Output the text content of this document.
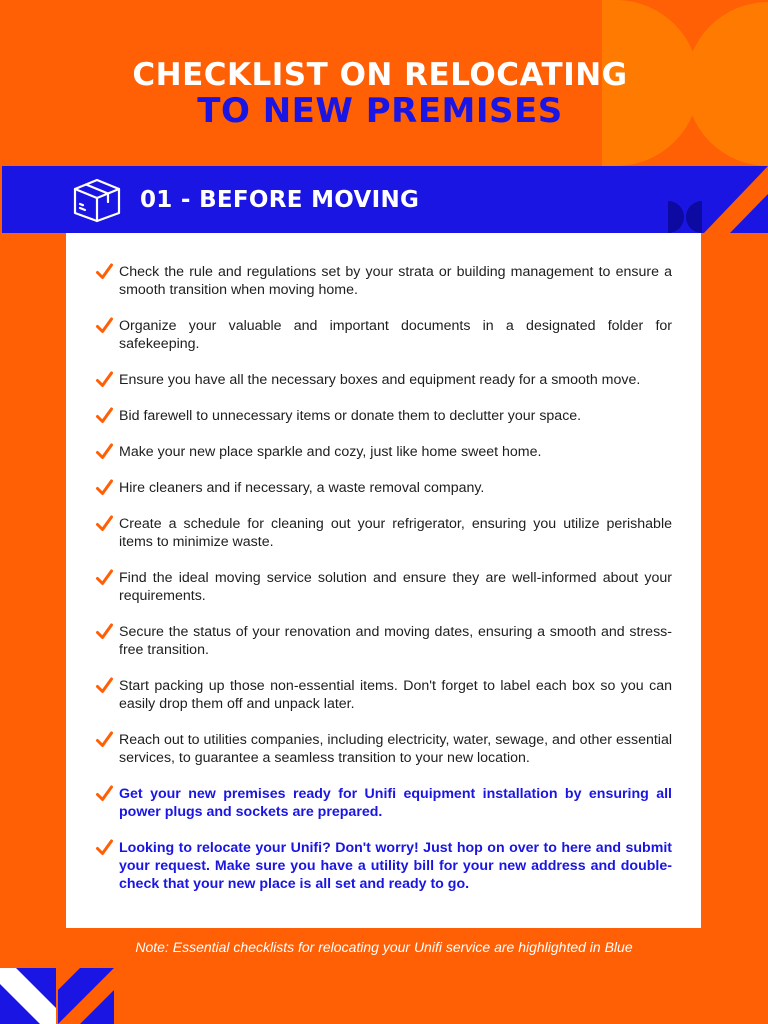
CHECKLIST ON RELOCATING
TO NEW PREMISES
01 - BEFORE MOVING
Check the rule and regulations set by your strata or building management to ensure a smooth transition when moving home.
Organize your valuable and important documents in a designated folder for safekeeping.
Ensure you have all the necessary boxes and equipment ready for a smooth move.
Bid farewell to unnecessary items or donate them to declutter your space.
Make your new place sparkle and cozy, just like home sweet home.
Hire cleaners and if necessary, a waste removal company.
Create a schedule for cleaning out your refrigerator, ensuring you utilize perishable items to minimize waste.
Find the ideal moving service solution and ensure they are well-informed about your requirements.
Secure the status of your renovation and moving dates, ensuring a smooth and stress-free transition.
Start packing up those non-essential items. Don't forget to label each box so you can easily drop them off and unpack later.
Reach out to utilities companies, including electricity, water, sewage, and other essential services, to guarantee a seamless transition to your new location.
Get your new premises ready for Unifi equipment installation by ensuring all power plugs and sockets are prepared.
Looking to relocate your Unifi? Don't worry! Just hop on over to here and submit your request. Make sure you have a utility bill for your new address and double-check that your new place is all set and ready to go.
Note: Essential checklists for relocating your Unifi service are highlighted in Blue
